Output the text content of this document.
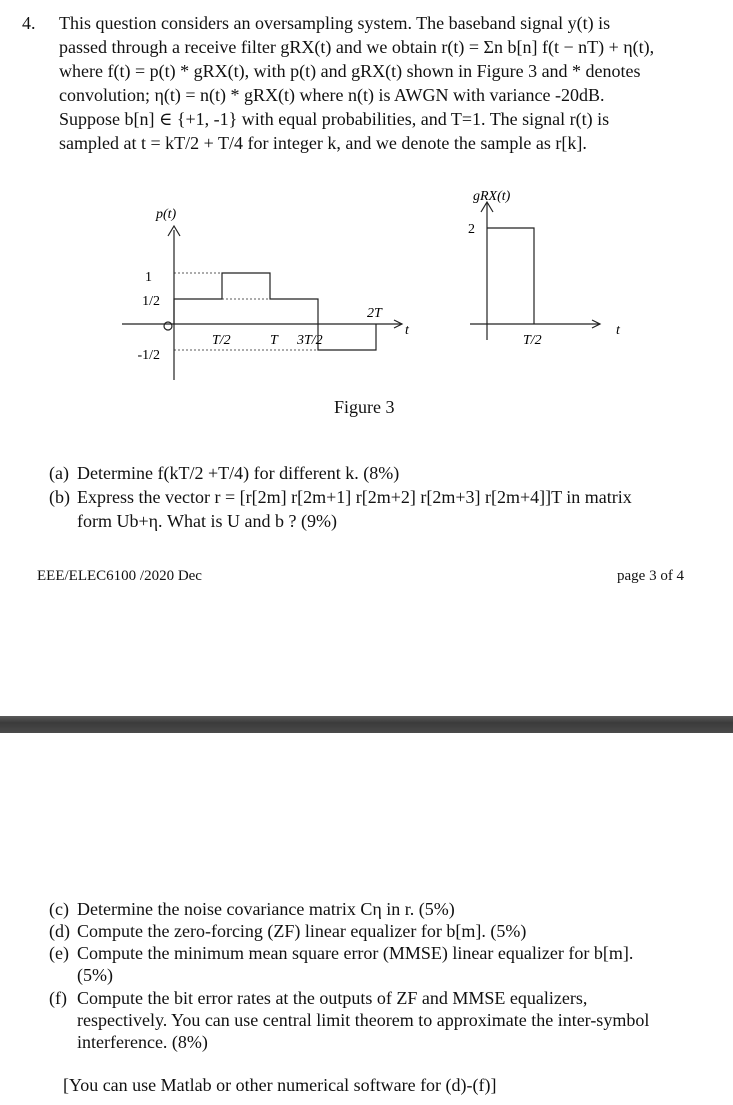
4. This question considers an oversampling system. The baseband signal y(t) is
passed through a receive filter gRX(t) and we obtain r(t) = Σn b[n] f(t − nT) + η(t),
where f(t) = p(t) * gRX(t), with p(t) and gRX(t) shown in Figure 3 and * denotes
convolution; η(t) = n(t) * gRX(t) where n(t) is AWGN with variance -20dB.
Suppose b[n] ∈ {+1, -1} with equal probabilities, and T=1. The signal r(t) is
sampled at t = kT/2 + T/4 for integer k, and we denote the sample as r[k].
p(t)
1
1/2
-1/2
T/2	T 3T/2
2T
t
gRX(t)
2
T/2
t
Figure 3
(a) Determine f(kT/2 +T/4) for different k. (8%)
(b) Express the vector r = [r[2m] r[2m+1] r[2m+2] r[2m+3] r[2m+4]]T in matrix
form Ub+η. What is U and b ? (9%)
EEE/ELEC6100 /2020 Dec	page 3 of 4
(c) Determine the noise covariance matrix Cη in r. (5%)
(d) Compute the zero-forcing (ZF) linear equalizer for b[m]. (5%)
(e) Compute the minimum mean square error (MMSE) linear equalizer for b[m].
(5%)
(f) Compute the bit error rates at the outputs of ZF and MMSE equalizers,
respectively. You can use central limit theorem to approximate the inter-symbol
interference. (8%)
[You can use Matlab or other numerical software for (d)-(f)]
